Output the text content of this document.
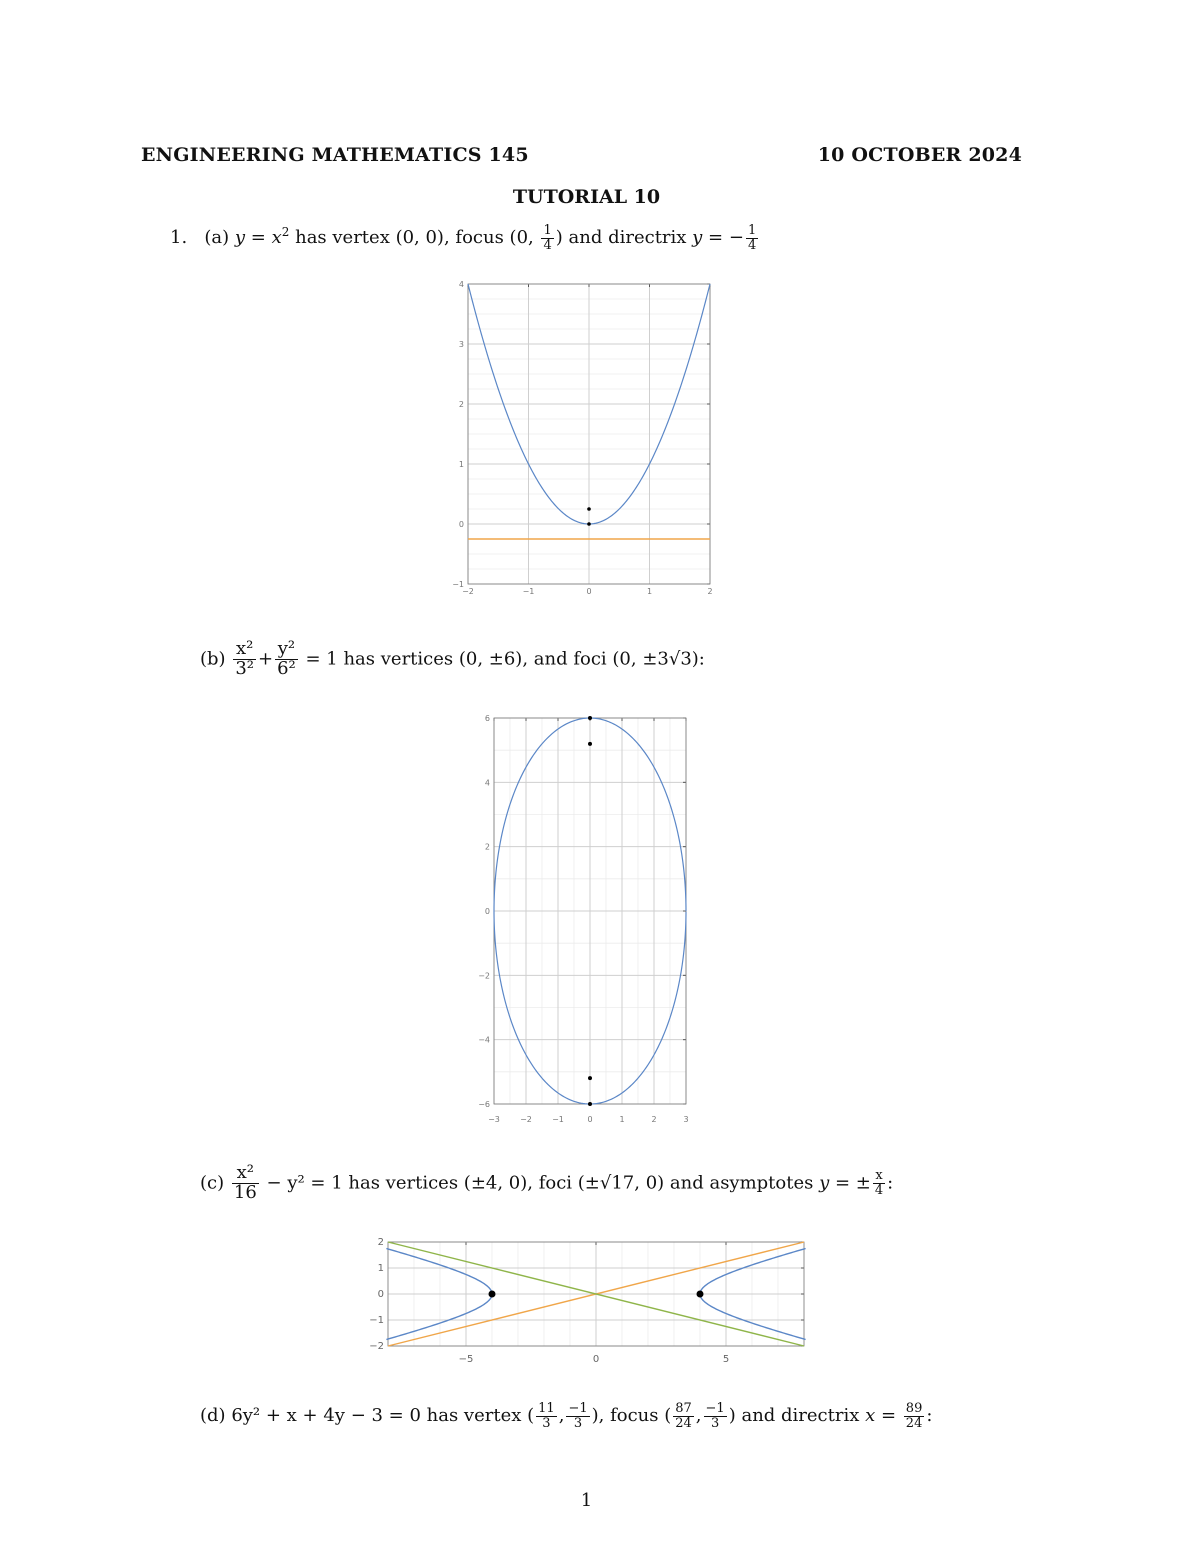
ENGINEERING MATHEMATICS 145	10 OCTOBER 2024
TUTORIAL 10
1. (a) $y = x^2$ has vertex (0, 0), focus (0, $\frac{1}{4}$ ) and directrix y = − $\frac{1}{4}$
−2	−1	0	1	2
−1
0
1
2
3
4
$(b) \frac{\text{x²}}{\text{3²}} + \frac{\text{y²}}{\text{6²}} = 1$ has vertices (0, ±6), and foci (0, ±3√3):
−3	−2	−1	0	1	2	3
−6
−4
−2
0
2
4
6
$(c) \frac{\text{x²}}{16} - y^2 = 1$ has vertices (±4, 0), foci (±√17, 0) and asymptotes y = ± $\frac{x}{4}$ :
−5	0	5
−2
−1
0
1
2
(d) 6y² + x + 4y − 3 = 0 has vertex ( $\frac{11}{3}$ , $\frac{-1}{3}$ ), focus ( $\frac{87}{24}$ , $\frac{-1}{3}$ ) and directrix $x = \frac{89}{24}$ :
1
